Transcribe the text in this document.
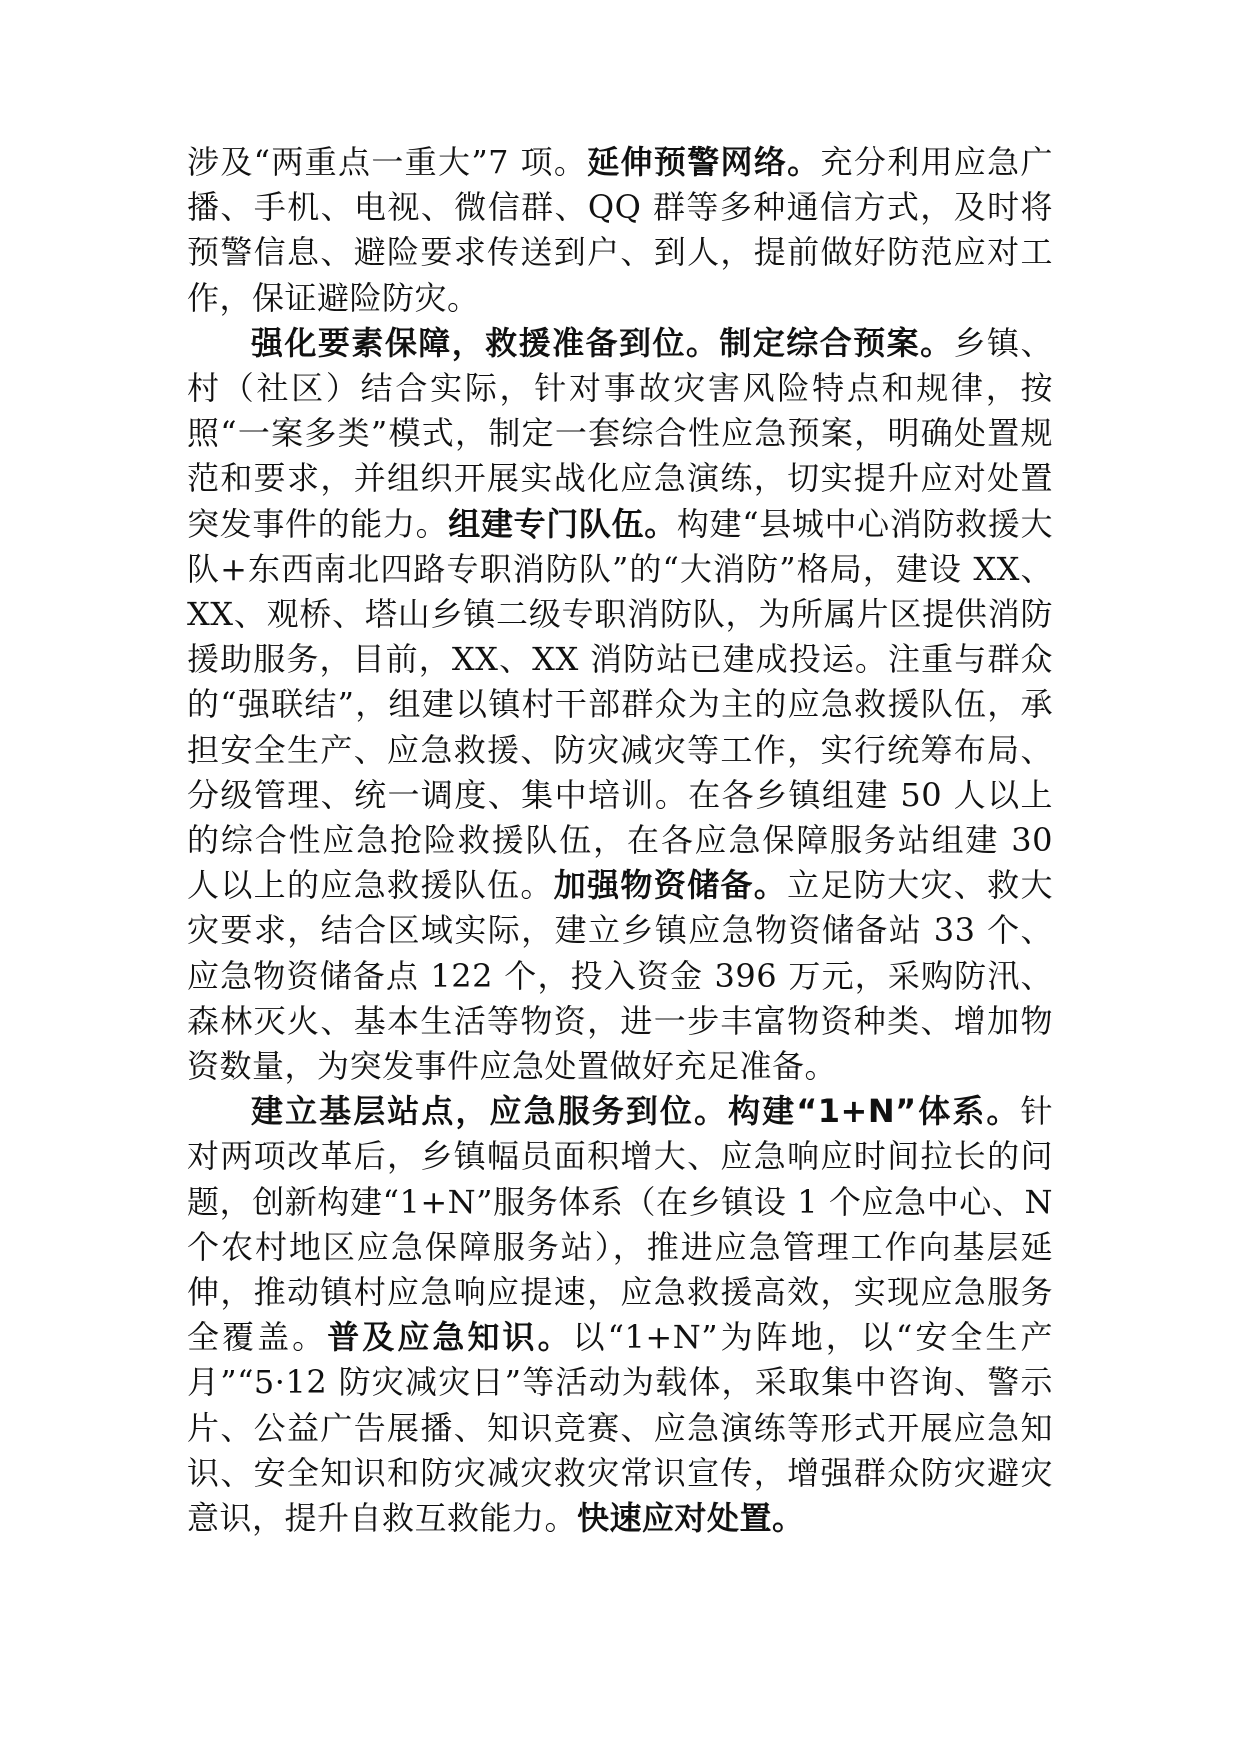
涉及“两重点一重大”7 项。延伸预警网络。充分利用应急广播、手机、电视、微信群、QQ 群等多种通信方式，及时将预警信息、避险要求传送到户、到人，提前做好防范应对工作，保证避险防灾。

强化要素保障，救援准备到位。制定综合预案。乡镇、村（社区）结合实际，针对事故灾害风险特点和规律，按照“一案多类”模式，制定一套综合性应急预案，明确处置规范和要求，并组织开展实战化应急演练，切实提升应对处置突发事件的能力。组建专门队伍。构建“县城中心消防救援大队+东西南北四路专职消防队”的“大消防”格局，建设 XX、XX、观桥、塔山乡镇二级专职消防队，为所属片区提供消防援助服务，目前，XX、XX 消防站已建成投运。注重与群众的“强联结”，组建以镇村干部群众为主的应急救援队伍，承担安全生产、应急救援、防灾减灾等工作，实行统筹布局、分级管理、统一调度、集中培训。在各乡镇组建 50 人以上的综合性应急抢险救援队伍，在各应急保障服务站组建 30 人以上的应急救援队伍。加强物资储备。立足防大灾、救大灾要求，结合区域实际，建立乡镇应急物资储备站 33 个、应急物资储备点 122 个，投入资金 396 万元，采购防汛、森林灭火、基本生活等物资，进一步丰富物资种类、增加物资数量，为突发事件应急处置做好充足准备。

建立基层站点，应急服务到位。构建“1+N”体系。针对两项改革后，乡镇幅员面积增大、应急响应时间拉长的问题，创新构建“1+N”服务体系（在乡镇设 1 个应急中心、N 个农村地区应急保障服务站），推进应急管理工作向基层延伸，推动镇村应急响应提速，应急救援高效，实现应急服务全覆盖。普及应急知识。以“1+N”为阵地，以“安全生产月”“5·12 防灾减灾日”等活动为载体，采取集中咨询、警示片、公益广告展播、知识竞赛、应急演练等形式开展应急知识、安全知识和防灾减灾救灾常识宣传，增强群众防灾避灾意识，提升自救互救能力。快速应对处置。
